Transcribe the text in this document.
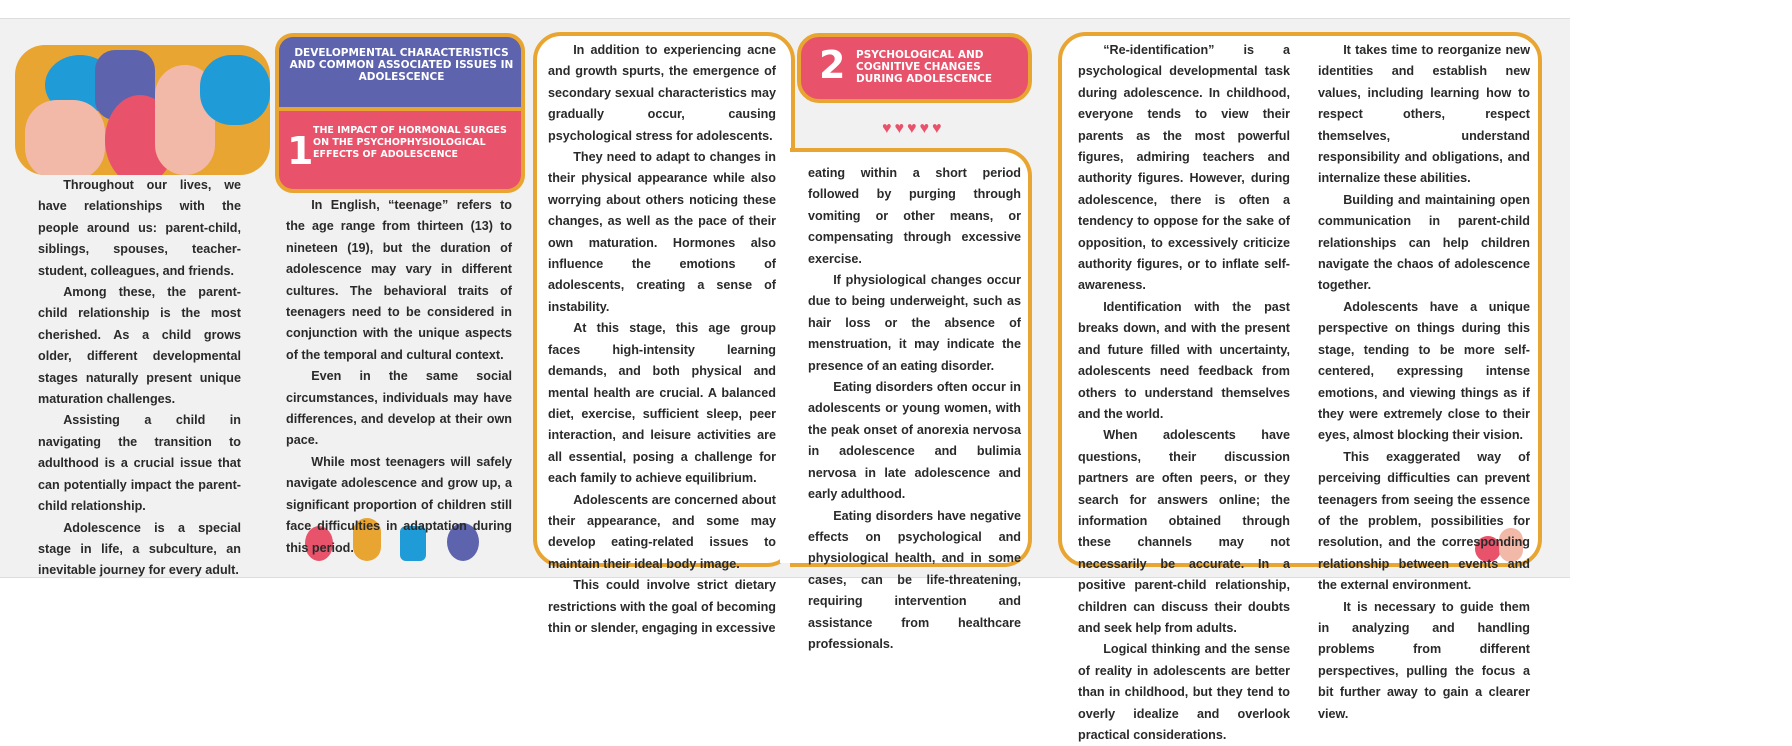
Throughout our lives, we have relationships with the people around us: parent-child, siblings, spouses, teacher-student, colleagues, and friends.

Among these, the parent-child relationship is the most cherished. As a child grows older, different developmental stages naturally present unique maturation challenges.

Assisting a child in navigating the transition to adulthood is a crucial issue that can potentially impact the parent-child relationship.

Adolescence is a special stage in life, a subculture, an inevitable journey for every adult.

DEVELOPMENTAL CHARACTERISTICS AND COMMON ASSOCIATED ISSUES IN ADOLESCENCE
1 THE IMPACT OF HORMONAL SURGES ON THE PSYCHOPHYSIOLOGICAL EFFECTS OF ADOLESCENCE

In English, “teenage” refers to the age range from thirteen (13) to nineteen (19), but the duration of adolescence may vary in different cultures. The behavioral traits of teenagers need to be considered in conjunction with the unique aspects of the temporal and cultural context.

Even in the same social circumstances, individuals may have differences, and develop at their own pace.

While most teenagers will safely navigate adolescence and grow up, a significant proportion of children still face difficulties in adaptation during this period.

In addition to experiencing acne and growth spurts, the emergence of secondary sexual characteristics may gradually occur, causing psychological stress for adolescents.

They need to adapt to changes in their physical appearance while also worrying about others noticing these changes, as well as the pace of their own maturation. Hormones also influence the emotions of adolescents, creating a sense of instability.

At this stage, this age group faces high-intensity learning demands, and both physical and mental health are crucial. A balanced diet, exercise, sufficient sleep, peer interaction, and leisure activities are all essential, posing a challenge for each family to achieve equilibrium.

Adolescents are concerned about their appearance, and some may develop eating-related issues to maintain their ideal body image.

This could involve strict dietary restrictions with the goal of becoming thin or slender, engaging in excessive

2 PSYCHOLOGICAL AND COGNITIVE CHANGES DURING ADOLESCENCE
♥♥♥♥♥
eating within a short period followed by purging through vomiting or other means, or compensating through excessive exercise.

If physiological changes occur due to being underweight, such as hair loss or the absence of menstruation, it may indicate the presence of an eating disorder.

Eating disorders often occur in adolescents or young women, with the peak onset of anorexia nervosa in adolescence and bulimia nervosa in late adolescence and early adulthood.

Eating disorders have negative effects on psychological and physiological health, and in some cases, can be life-threatening, requiring intervention and assistance from healthcare professionals.

“Re-identification” is a psychological developmental task during adolescence. In childhood, everyone tends to view their parents as the most powerful figures, admiring teachers and authority figures. However, during adolescence, there is often a tendency to oppose for the sake of opposition, to excessively criticize authority figures, or to inflate self-awareness.

Identification with the past breaks down, and with the present and future filled with uncertainty, adolescents need feedback from others to understand themselves and the world.

When adolescents have questions, their discussion partners are often peers, or they search for answers online; the information obtained through these channels may not necessarily be accurate. In a positive parent-child relationship, children can discuss their doubts and seek help from adults.

Logical thinking and the sense of reality in adolescents are better than in childhood, but they tend to overly idealize and overlook practical considerations.

It takes time to reorganize new identities and establish new values, including learning how to respect others, respect themselves, understand responsibility and obligations, and internalize these abilities.

Building and maintaining open communication in parent-child relationships can help children navigate the chaos of adolescence together.

Adolescents have a unique perspective on things during this stage, tending to be more self-centered, expressing intense emotions, and viewing things as if they were extremely close to their eyes, almost blocking their vision.

This exaggerated way of perceiving difficulties can prevent teenagers from seeing the essence of the problem, possibilities for resolution, and the corresponding relationship between events and the external environment.

It is necessary to guide them in analyzing and handling problems from different perspectives, pulling the focus a bit further away to gain a clearer view.
